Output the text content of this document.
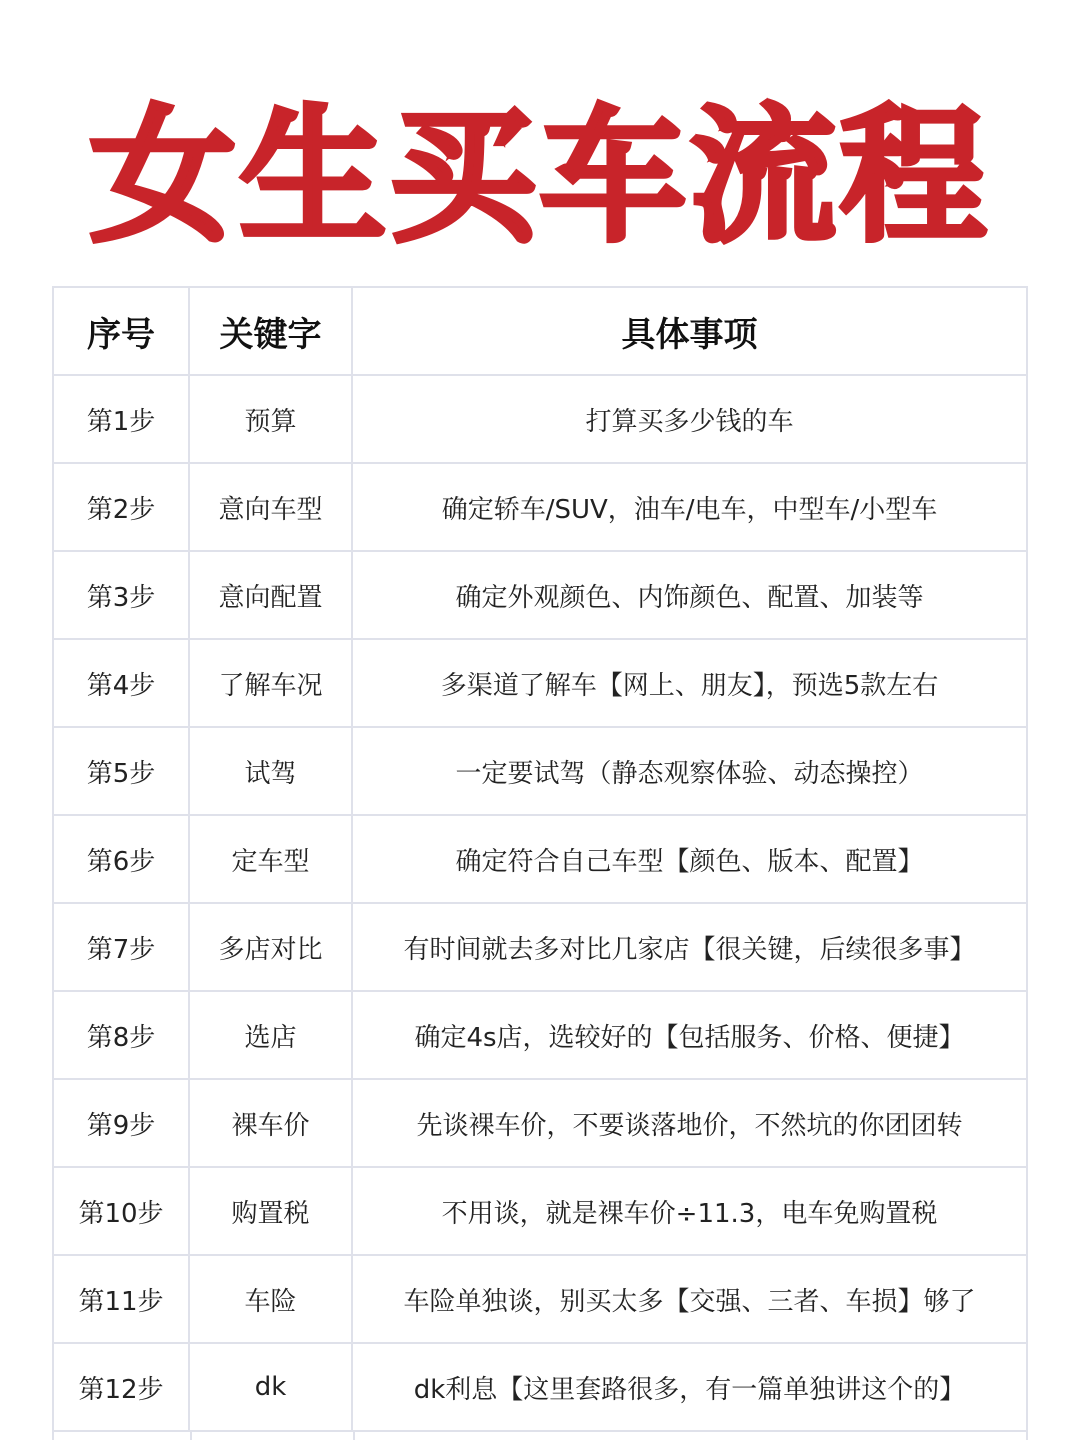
女生买车流程
序号	关键字	具体事项
第1步	预算	打算买多少钱的车
第2步	意向车型	确定轿车/SUV，油车/电车，中型车/小型车
第3步	意向配置	确定外观颜色、内饰颜色、配置、加装等
第4步	了解车况	多渠道了解车【网上、朋友】，预选5款左右
第5步	试驾	一定要试驾（静态观察体验、动态操控）
第6步	定车型	确定符合自己车型【颜色、版本、配置】
第7步	多店对比	有时间就去多对比几家店【很关键，后续很多事】
第8步	选店	确定4s店，选较好的【包括服务、价格、便捷】
第9步	裸车价	先谈裸车价，不要谈落地价，不然坑的你团团转
第10步	购置税	不用谈，就是裸车价÷11.3，电车免购置税
第11步	车险	车险单独谈，别买太多【交强、三者、车损】够了
第12步	dk	dk利息【这里套路很多，有一篇单独讲这个的】
